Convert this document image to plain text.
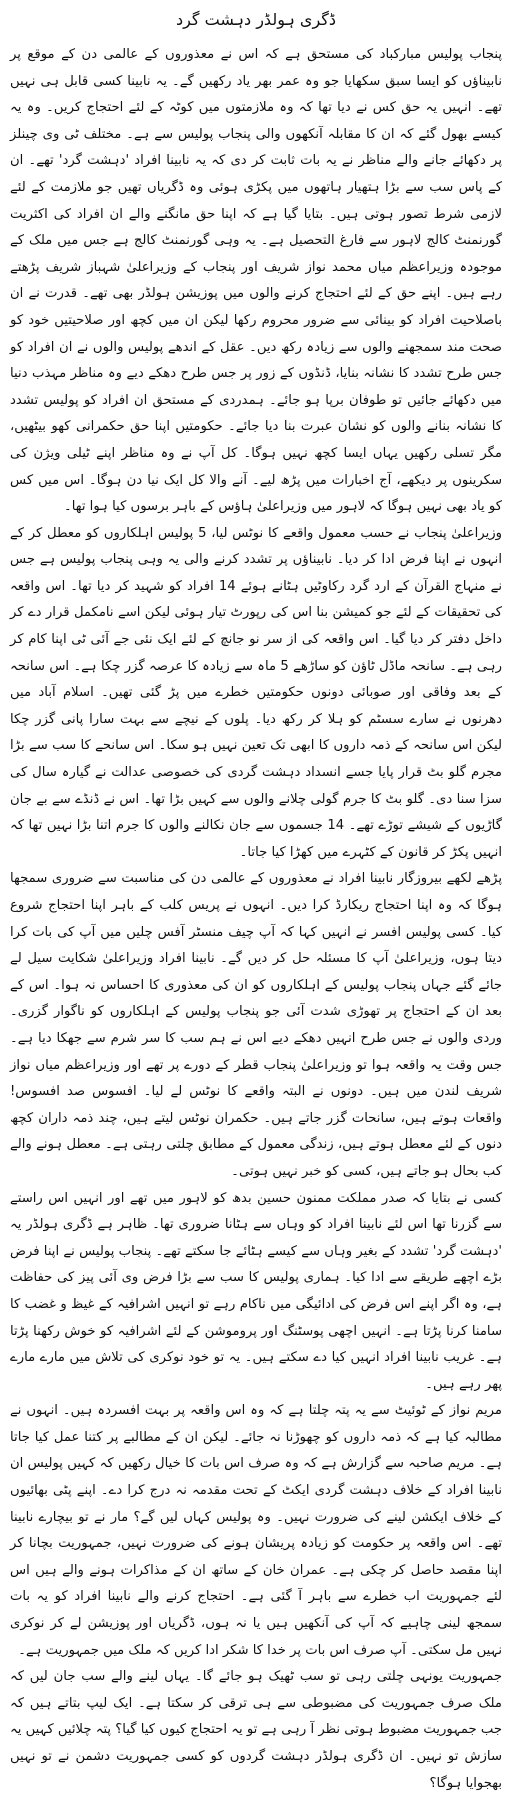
ڈگری ہولڈر دہشت گرد

پنجاب پولیس مبارکباد کی مستحق ہے کہ اس نے معذوروں کے عالمی دن کے موقع پر نابیناؤں کو ایسا سبق سکھایا جو وہ عمر بھر یاد رکھیں گے۔ یہ نابینا کسی قابل ہی نہیں تھے۔ انہیں یہ حق کس نے دیا تھا کہ وہ ملازمتوں میں کوٹہ کے لئے احتجاج کریں۔ وہ یہ کیسے بھول گئے کہ ان کا مقابلہ آنکھوں والی پنجاب پولیس سے ہے۔ مختلف ٹی وی چینلز پر دکھائے جانے والے مناظر نے یہ بات ثابت کر دی کہ یہ نابینا افراد 'دہشت گرد' تھے۔ ان کے پاس سب سے بڑا ہتھیار ہاتھوں میں پکڑی ہوئی وہ ڈگریاں تھیں جو ملازمت کے لئے لازمی شرط تصور ہوتی ہیں۔ بتایا گیا ہے کہ اپنا حق مانگنے والے ان افراد کی اکثریت گورنمنٹ کالج لاہور سے فارغ التحصیل ہے۔ یہ وہی گورنمنٹ کالج ہے جس میں ملک کے موجودہ وزیراعظم میاں محمد نواز شریف اور پنجاب کے وزیراعلیٰ شہباز شریف پڑھتے رہے ہیں۔ اپنے حق کے لئے احتجاج کرنے والوں میں پوزیشن ہولڈر بھی تھے۔ قدرت نے ان باصلاحیت افراد کو بینائی سے ضرور محروم رکھا لیکن ان میں کچھ اور صلاحیتیں خود کو صحت مند سمجھنے والوں سے زیادہ رکھ دیں۔ عقل کے اندھے پولیس والوں نے ان افراد کو جس طرح تشدد کا نشانہ بنایا، ڈنڈوں کے زور پر جس طرح دھکے دیے وہ مناظر مہذب دنیا میں دکھائے جائیں تو طوفان برپا ہو جائے۔ ہمدردی کے مستحق ان افراد کو پولیس تشدد کا نشانہ بنانے والوں کو نشان عبرت بنا دیا جائے۔ حکومتیں اپنا حق حکمرانی کھو بیٹھیں، مگر تسلی رکھیں یہاں ایسا کچھ نہیں ہوگا۔ کل آپ نے وہ مناظر اپنے ٹیلی ویژن کی سکرینوں پر دیکھے، آج اخبارات میں پڑھ لیے۔ آنے والا کل ایک نیا دن ہوگا۔ اس میں کس کو یاد بھی نہیں ہوگا کہ لاہور میں وزیراعلیٰ ہاؤس کے باہر برسوں کیا ہوا تھا۔

وزیراعلیٰ پنجاب نے حسب معمول واقعے کا نوٹس لیا، 5 پولیس اہلکاروں کو معطل کر کے انہوں نے اپنا فرض ادا کر دیا۔ نابیناؤں پر تشدد کرنے والی یہ وہی پنجاب پولیس ہے جس نے منہاج القرآن کے ارد گرد رکاوٹیں ہٹانے ہوئے 14 افراد کو شہید کر دیا تھا۔ اس واقعہ کی تحقیقات کے لئے جو کمیشن بنا اس کی رپورٹ تیار ہوئی لیکن اسے نامکمل قرار دے کر داخل دفتر کر دیا گیا۔ اس واقعہ کی از سر نو جانچ کے لئے ایک نئی جے آئی ٹی اپنا کام کر رہی ہے۔ سانحہ ماڈل ٹاؤن کو ساڑھے 5 ماہ سے زیادہ کا عرصہ گزر چکا ہے۔ اس سانحہ کے بعد وفاقی اور صوبائی دونوں حکومتیں خطرے میں پڑ گئی تھیں۔ اسلام آباد میں دھرنوں نے سارے سسٹم کو ہلا کر رکھ دیا۔ پلوں کے نیچے سے بہت سارا پانی گزر چکا لیکن اس سانحہ کے ذمہ داروں کا ابھی تک تعین نہیں ہو سکا۔ اس سانحے کا سب سے بڑا مجرم گلو بٹ قرار پایا جسے انسداد دہشت گردی کی خصوصی عدالت نے گیارہ سال کی سزا سنا دی۔ گلو بٹ کا جرم گولی چلانے والوں سے کہیں بڑا تھا۔ اس نے ڈنڈے سے بے جان گاڑیوں کے شیشے توڑے تھے۔ 14 جسموں سے جان نکالنے والوں کا جرم اتنا بڑا نہیں تھا کہ انہیں پکڑ کر قانون کے کٹہرے میں کھڑا کیا جاتا۔

پڑھے لکھے بیروزگار نابینا افراد نے معذوروں کے عالمی دن کی مناسبت سے ضروری سمجھا ہوگا کہ وہ اپنا احتجاج ریکارڈ کرا دیں۔ انہوں نے پریس کلب کے باہر اپنا احتجاج شروع کیا۔ کسی پولیس افسر نے انہیں کہا کہ آپ چیف منسٹر آفس چلیں میں آپ کی بات کرا دیتا ہوں، وزیراعلیٰ آپ کا مسئلہ حل کر دیں گے۔ نابینا افراد وزیراعلیٰ شکایت سیل لے جائے گئے جہاں پنجاب پولیس کے اہلکاروں کو ان کی معذوری کا احساس نہ ہوا۔ اس کے بعد ان کے احتجاج پر تھوڑی شدت آئی جو پنجاب پولیس کے اہلکاروں کو ناگوار گزری۔ وردی والوں نے جس طرح انہیں دھکے دیے اس نے ہم سب کا سر شرم سے جھکا دیا ہے۔ جس وقت یہ واقعہ ہوا تو وزیراعلیٰ پنجاب قطر کے دورے پر تھے اور وزیراعظم میاں نواز شریف لندن میں ہیں۔ دونوں نے البتہ واقعے کا نوٹس لے لیا۔ افسوس صد افسوس! واقعات ہوتے ہیں، سانحات گزر جاتے ہیں۔ حکمران نوٹس لیتے ہیں، چند ذمہ داران کچھ دنوں کے لئے معطل ہوتے ہیں، زندگی معمول کے مطابق چلتی رہتی ہے۔ معطل ہونے والے کب بحال ہو جاتے ہیں، کسی کو خبر نہیں ہوتی۔

کسی نے بتایا کہ صدر مملکت ممنون حسین بدھ کو لاہور میں تھے اور انہیں اس راستے سے گزرنا تھا اس لئے نابینا افراد کو وہاں سے ہٹانا ضروری تھا۔ ظاہر ہے ڈگری ہولڈر یہ 'دہشت گرد' تشدد کے بغیر وہاں سے کیسے ہٹائے جا سکتے تھے۔ پنجاب پولیس نے اپنا فرض بڑے اچھے طریقے سے ادا کیا۔ ہماری پولیس کا سب سے بڑا فرض وی آئی پیز کی حفاظت ہے، وہ اگر اپنے اس فرض کی ادائیگی میں ناکام رہے تو انہیں اشرافیہ کے غیظ و غضب کا سامنا کرنا پڑتا ہے۔ انہیں اچھی پوسٹنگ اور پروموشن کے لئے اشرافیہ کو خوش رکھنا پڑتا ہے۔ غریب نابینا افراد انہیں کیا دے سکتے ہیں۔ یہ تو خود نوکری کی تلاش میں مارے مارے پھر رہے ہیں۔

مریم نواز کے ٹوئیٹ سے یہ پتہ چلتا ہے کہ وہ اس واقعہ پر بہت افسردہ ہیں۔ انہوں نے مطالبہ کیا ہے کہ ذمہ داروں کو چھوڑنا نہ جائے۔ لیکن ان کے مطالبے پر کتنا عمل کیا جاتا ہے۔ مریم صاحبہ سے گزارش ہے کہ وہ صرف اس بات کا خیال رکھیں کہ کہیں پولیس ان نابینا افراد کے خلاف دہشت گردی ایکٹ کے تحت مقدمہ نہ درج کرا دے۔ اپنے پٹی بھائیوں کے خلاف ایکشن لینے کی ضرورت نہیں۔ وہ پولیس کہاں لیں گے؟ مار نے تو بیچارے نابینا تھے۔ اس واقعہ پر حکومت کو زیادہ پریشان ہونے کی ضرورت نہیں، جمہوریت بچانا کر اپنا مقصد حاصل کر چکی ہے۔ عمران خان کے ساتھ ان کے مذاکرات ہونے والے ہیں اس لئے جمہوریت اب خطرے سے باہر آ گئی ہے۔ احتجاج کرنے والے نابینا افراد کو یہ بات سمجھ لینی چاہیے کہ آپ کی آنکھیں ہیں یا نہ ہوں، ڈگریاں اور پوزیشن لے کر نوکری نہیں مل سکتی۔ آپ صرف اس بات پر خدا کا شکر ادا کریں کہ ملک میں جمہوریت ہے۔

جمہوریت یونہی چلتی رہی تو سب ٹھیک ہو جائے گا۔ یہاں لینے والے سب جان لیں کہ ملک صرف جمہوریت کی مضبوطی سے ہی ترقی کر سکتا ہے۔ ایک لیپ بتاتے ہیں کہ جب جمہوریت مضبوط ہوتی نظر آ رہی ہے تو یہ احتجاج کیوں کیا گیا؟ پتہ چلائیں کہیں یہ سازش تو نہیں۔ ان ڈگری ہولڈر دہشت گردوں کو کسی جمہوریت دشمن نے تو نہیں بھجوایا ہوگا؟
